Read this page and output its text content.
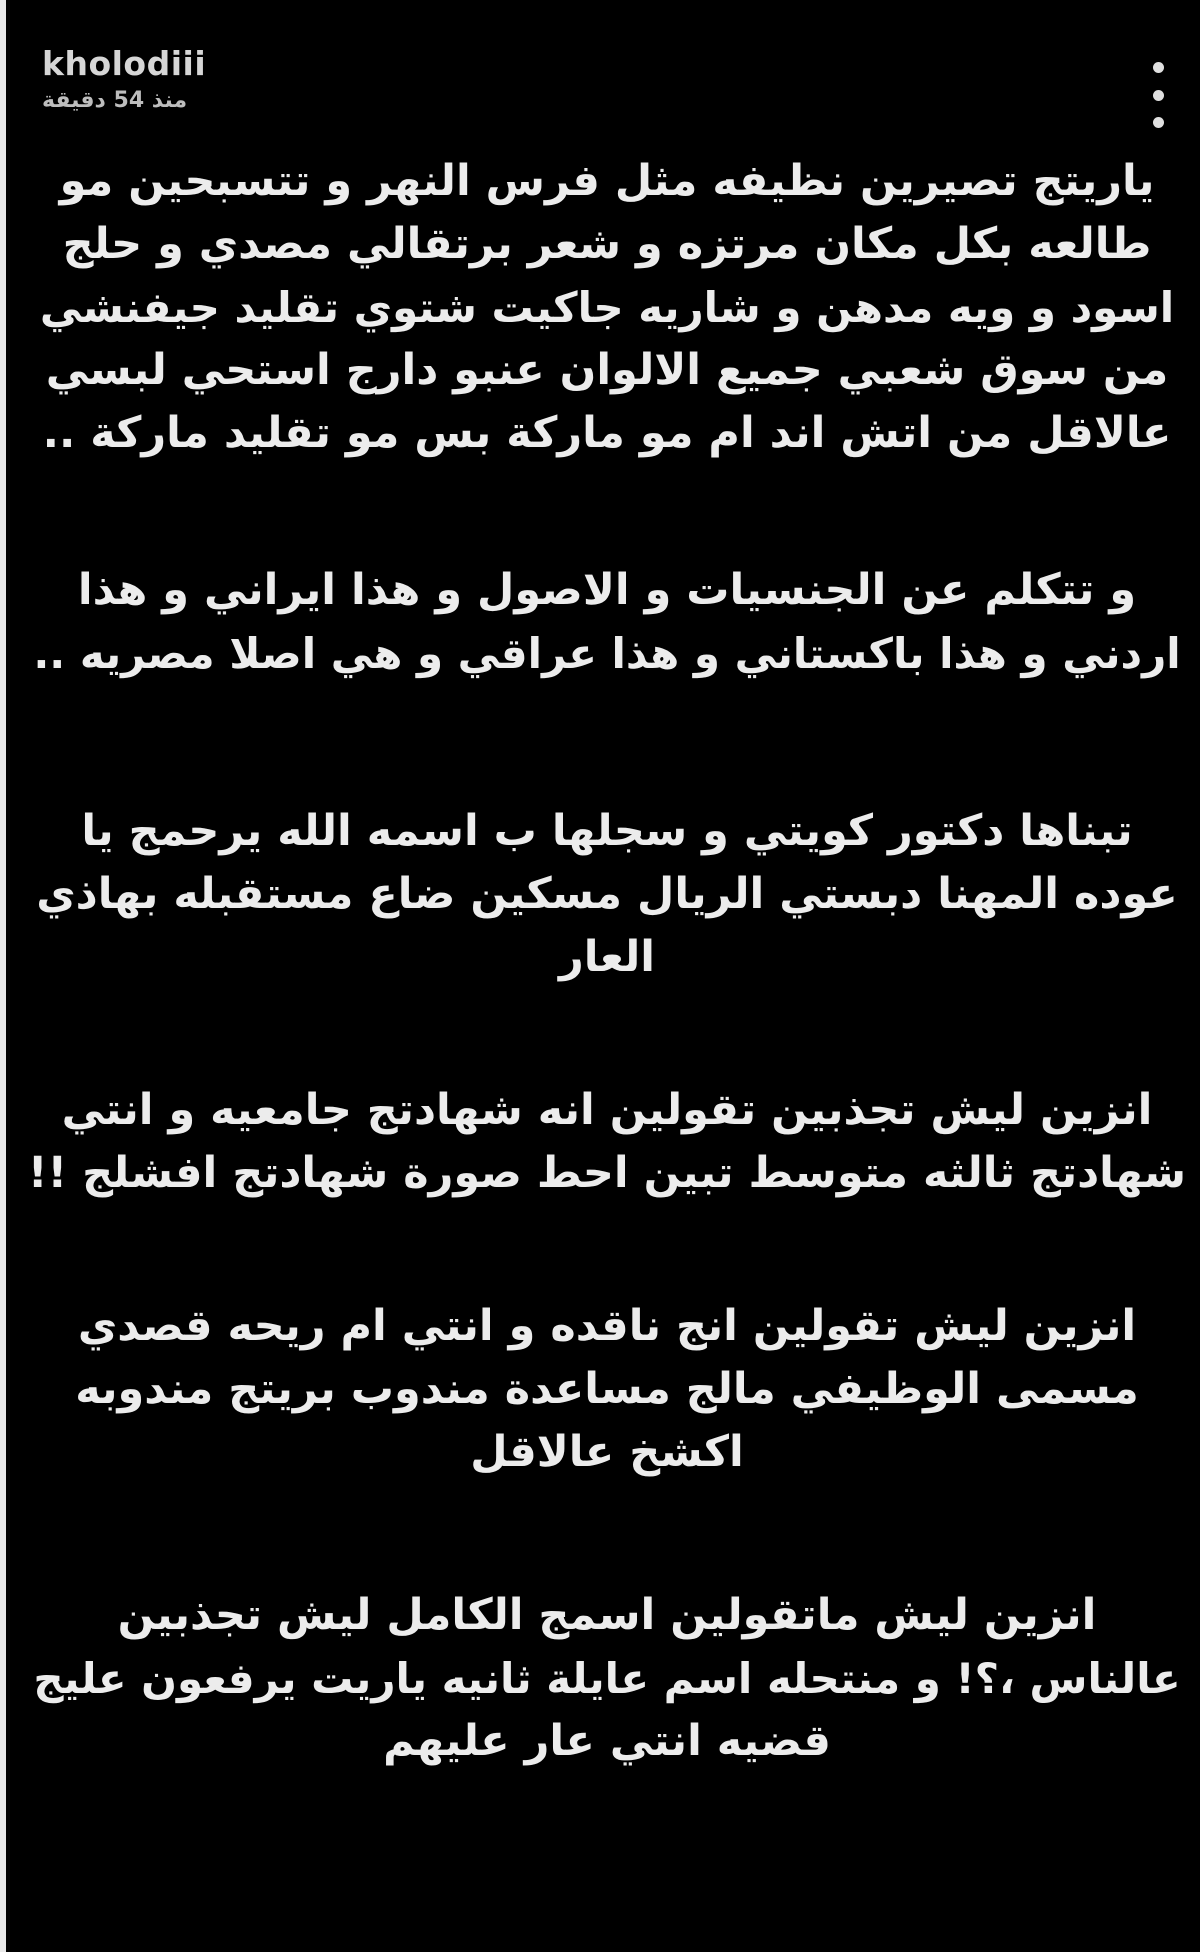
kholodiii
منذ 54 دقيقة
ياريتج تصيرين نظيفه مثل فرس النهر و تتسبحين مو
طالعه بكل مكان مرتزه و شعر برتقالي مصدي و حلج
اسود و ويه مدهن و شاريه جاكيت شتوي تقليد جيفنشي
من سوق شعبي جميع الالوان عنبو دارج استحي لبسي
عالاقل من اتش اند ام مو ماركة بس مو تقليد ماركة ..
و تتكلم عن الجنسيات و الاصول و هذا ايراني و هذا
اردني و هذا باكستاني و هذا عراقي و هي اصلا مصريه ..
تبناها دكتور كويتي و سجلها ب اسمه الله يرحمج يا
عوده المهنا دبستي الريال مسكين ضاع مستقبله بهاذي
العار
انزين ليش تجذبين تقولين انه شهادتج جامعيه و انتي
شهادتج ثالثه متوسط تبين احط صورة شهادتج افشلج !!
انزين ليش تقولين انج ناقده و انتي ام ريحه قصدي
مسمى الوظيفي مالج مساعدة مندوب بريتج مندوبه
اكشخ عالاقل
انزين ليش ماتقولين اسمج الكامل ليش تجذبين
عالناس ،؟! و منتحله اسم عايلة ثانيه ياريت يرفعون عليج
قضيه انتي عار عليهم
